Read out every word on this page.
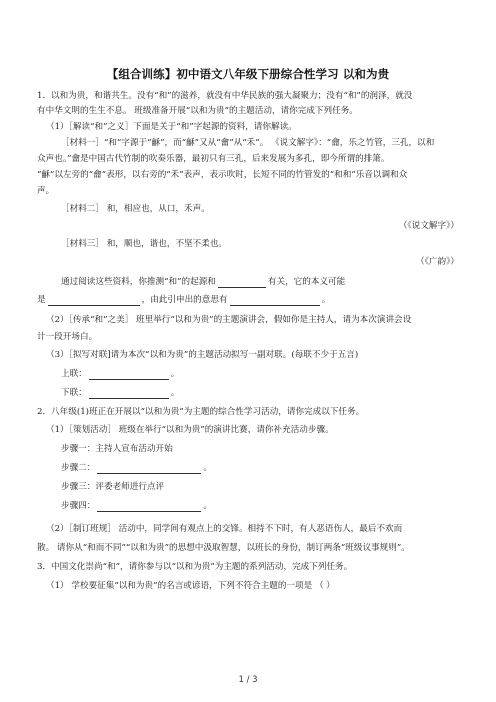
【组合训练】初中语文八年级下册综合性学习 以和为贵
1．以和为贵，和谐共生。没有“和”的滋养，就没有中华民族的强大凝聚力；没有“和”的润泽，就没
有中华文明的生生不息。 班级准备开展“以和为贵”的主题活动，请你完成下列任务。
（1）［解读“和”之义］下面是关于“和”字起源的资料，请你解读。
［材料一］“和”字源于“龢”，而“龢”又从“龠”从“禾”。 《说文解字》：“龠，乐之竹管，三孔，以和
众声也。”龠是中国古代竹制的吹奏乐器，最初只有三孔，后来发展为多孔，即今所谓的排箫。
“龢”以左旁的“龠”表形，以右旁的“禾”表声，表示吹时，长短不同的竹管发的“和和”乐音以调和众
声。
［材料二］ 和，相应也，从口，禾声。
（《说文解字》）
［材料三］ 和，顺也，谐也，不坚不柔也。
（《广韵》）
通过阅读这些资料，你推测“和”的起源和	有关，它的本义可能
是	，由此引申出的意思有	。
（2）［传承“和”之美］ 班里举行“以和为贵”的主题演讲会，假如你是主持人，请为本次演讲会设
计一段开场白。
（3）［拟写对联]请为本次“以和为贵”的主题活动拟写一副对联。(每联不少于五言)
上联：	。
下联：	。
2．八年级(1)班正在开展以“以和为贵”为主题的综合性学习活动，请你完成以下任务。
（1）［策划活动］ 班级在举行“以和为贵”的演讲比赛，请你补充活动步骤。
步骤一：主持人宣布活动开始
步骤二：	。
步骤三：评委老师进行点评
步骤四：	。
（2）［制订班规］ 活动中，同学间有观点上的交锋。相持不下时，有人恶语伤人，最后不欢而
散。 请你从“和而不同”“以和为贵”的思想中汲取智慧，以班长的身份，制订两条“班级议事规则”。
3．中国文化崇尚“和”，请你参与以“以和为贵”为主题的系列活动，完成下列任务。
（1） 学校要征集“以和为贵”的名言或谚语，下列不符合主题的一项是 （ ）
1 / 3
